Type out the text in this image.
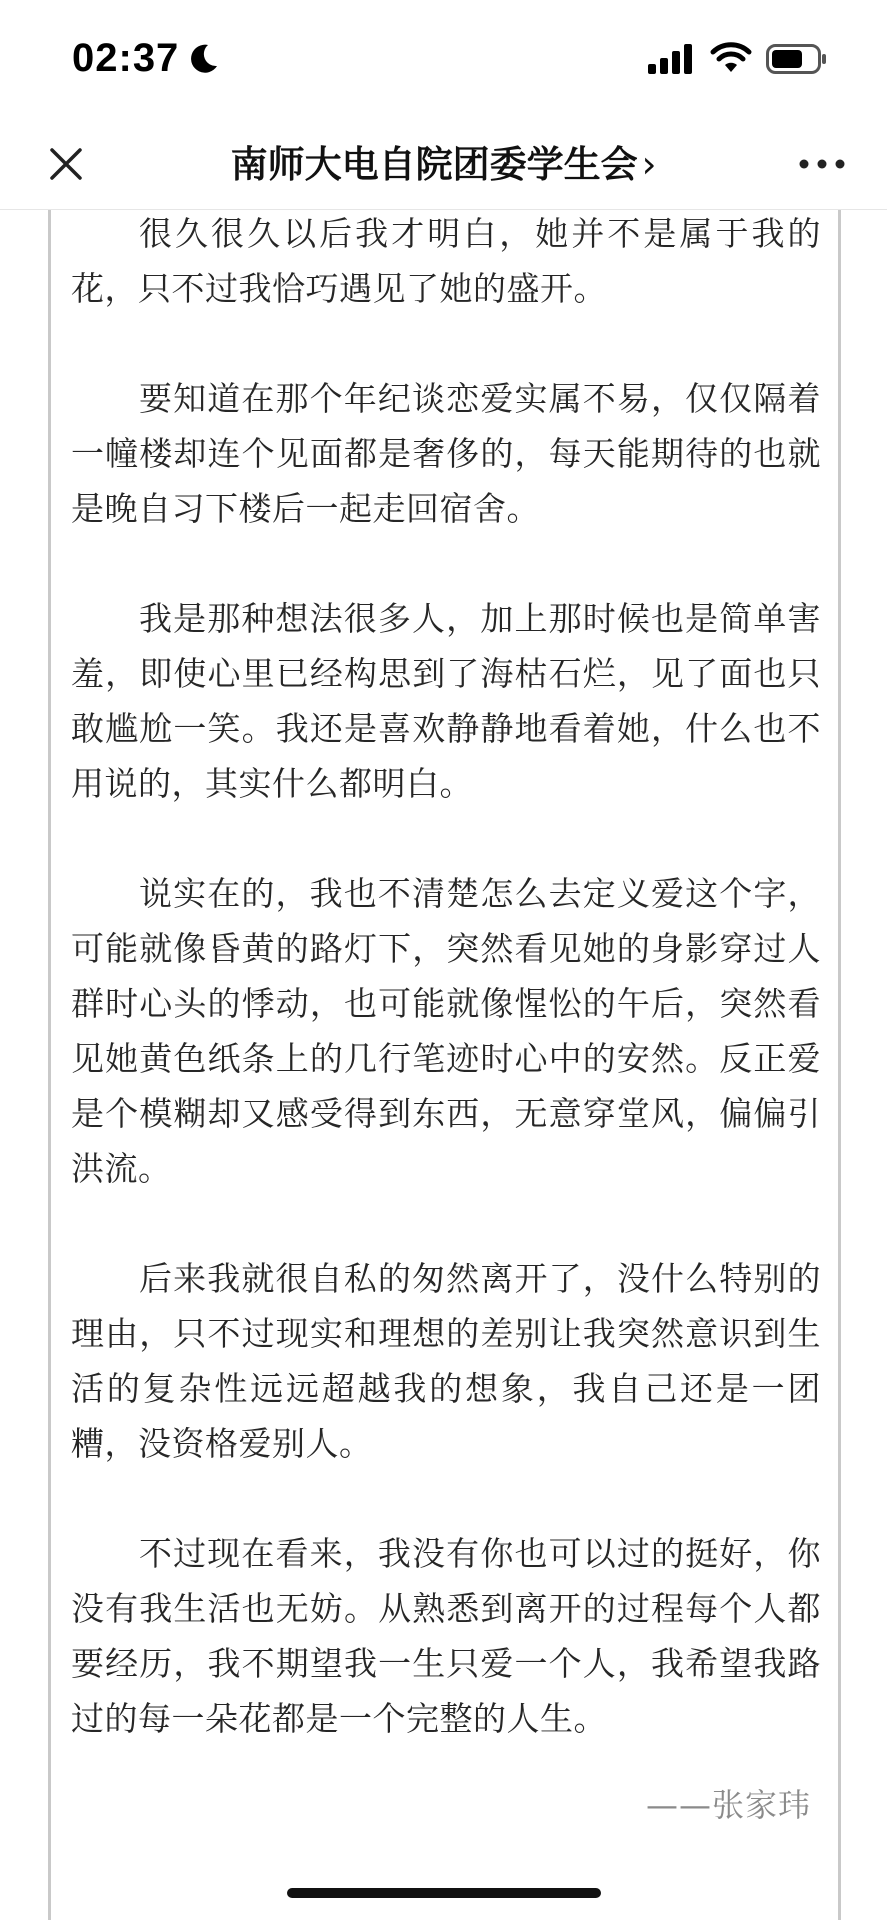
02:37
南师大电自院团委学生会 ›

很久很久以后我才明白，她并不是属于我的花，只不过我恰巧遇见了她的盛开。

要知道在那个年纪谈恋爱实属不易，仅仅隔着一幢楼却连个见面都是奢侈的，每天能期待的也就是晚自习下楼后一起走回宿舍。

我是那种想法很多人，加上那时候也是简单害羞，即使心里已经构思到了海枯石烂，见了面也只敢尴尬一笑。我还是喜欢静静地看着她，什么也不用说的，其实什么都明白。

说实在的，我也不清楚怎么去定义爱这个字，可能就像昏黄的路灯下，突然看见她的身影穿过人群时心头的悸动，也可能就像惺忪的午后，突然看见她黄色纸条上的几行笔迹时心中的安然。反正爱是个模糊却又感受得到东西，无意穿堂风，偏偏引洪流。

后来我就很自私的匆然离开了，没什么特别的理由，只不过现实和理想的差别让我突然意识到生活的复杂性远远超越我的想象，我自己还是一团糟，没资格爱别人。

不过现在看来，我没有你也可以过的挺好，你没有我生活也无妨。从熟悉到离开的过程每个人都要经历，我不期望我一生只爱一个人，我希望我路过的每一朵花都是一个完整的人生。

——张家玮
